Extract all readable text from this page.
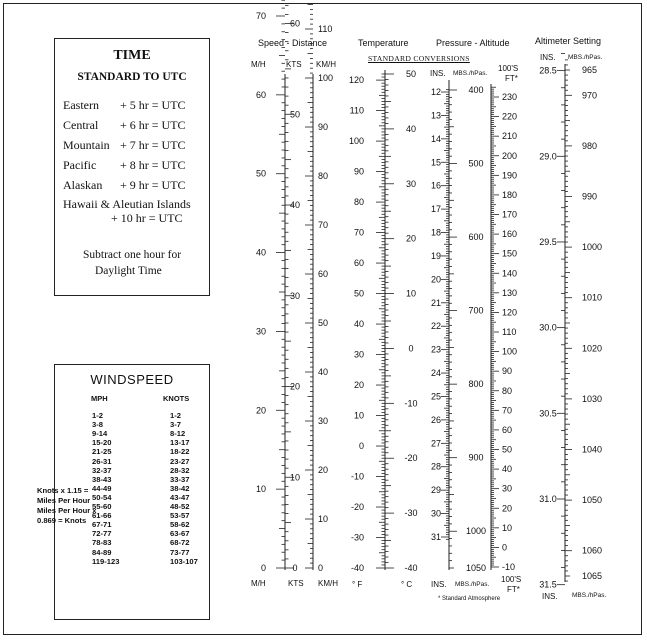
TIME
STANDARD TO UTC
Eastern + 5 hr = UTC
Central + 6 hr = UTC
Mountain + 7 hr = UTC
Pacific + 8 hr = UTC
Alaskan + 9 hr = UTC
Hawaii & Aleutian Islands
+ 10 hr = UTC
Subtract one hour for
Daylight Time
WINDSPEED
MPH	KNOTS
1-2	1-2
3-8	3-7
9-14	8-12
15-20	13-17
21-25	18-22
26-31	23-27
32-37	28-32
38-43	33-37
44-49	38-42
50-54	43-47
55-60	48-52
61-66	53-57
67-71	58-62
72-77	63-67
78-83	68-72
84-89	73-77
119-123	103-107
Knots x 1.15 =
Miles Per Hour
Miles Per Hour x
0.869 = Knots
Speed - Distance	Temperature	Pressure - Altitude	Altimeter Setting
STANDARD CONVERSIONS
M/H	KTS KM/H
INS. MBS./hPas.
100'S
FT*
INS. MBS./hPas.
M/H	KTS KM/H ° F	° C INS. MBS./hPas.
100'S
FT*
INS. MBS./hPas.
* Standard Atmosphere
0
10
20
30
40
50
60
70
0
10
20
30
40
50
60
0
10
20
30
40
50
60
70
80
90
100
110
-40
-30
-20
-10
0
10
20
30
40
50
60
70
80
90
100
110
120
-40
-30
-20
-10
0
10
20
30
40
50
12
13
14
15
16
17
18
19
20
21
22
23
24
25
26
27
28
29
30
31
400
500
600
700
800
900
1000
1050 -10
0
10
20
30
40
50
60
70
80
90
100
110
120
130
140
150
160
170
180
190
200
210
220
230
965
970
980
990
1000
1010
1020
1030
1040
1050
1060
1065
28.5
29.0
29.5
30.0
30.5
31.0
31.5
